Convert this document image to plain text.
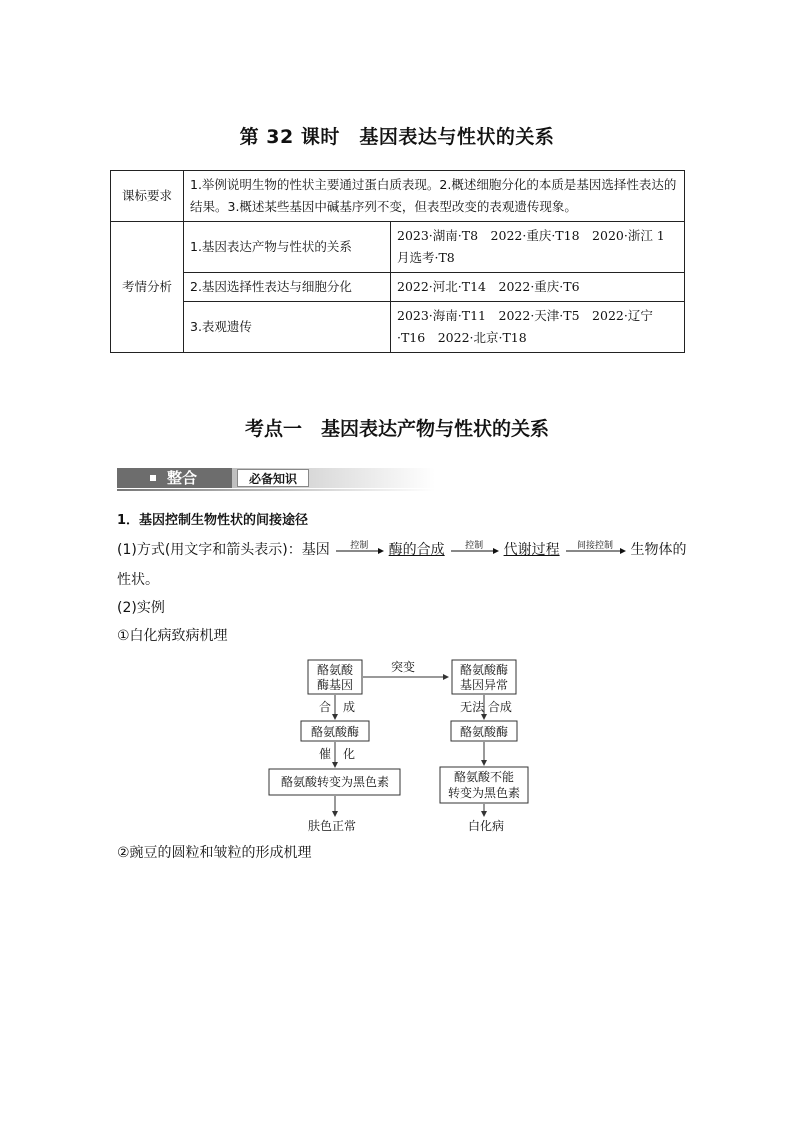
第 32 课时　基因表达与性状的关系
课标要求	1.举例说明生物的性状主要通过蛋白质表现。2.概述细胞分化的本质是基因选择性表达的结果。3.概述某些基因中碱基序列不变，但表型改变的表观遗传现象。	
考情分析	1.基因表达产物与性状的关系	2023·湖南·T8　2022·重庆·T18　2020·浙江 1 月选考·T8
	2.基因选择性表达与细胞分化	2022·河北·T14　2022·重庆·T6
	3.表观遗传	2023·海南·T11　2022·天津·T5　2022·辽宁·T16　2022·北京·T18
考点一　基因表达产物与性状的关系
整合	必备知识
1．基因控制生物性状的间接途径
(1)方式(用文字和箭头表示)：基因	控制	酶的合成	控制	代谢过程	间接控制	生物体的
性状。
(2)实例
①白化病致病机理
酪氨酸
酶基因
合　成
酪氨酸酶
催　化
酪氨酸转变为黑色素
肤色正常
突变	酪氨酸酶
基因异常
无法 合成
酪氨酸酶
酪氨酸不能
转变为黑色素
白化病
②豌豆的圆粒和皱粒的形成机理
